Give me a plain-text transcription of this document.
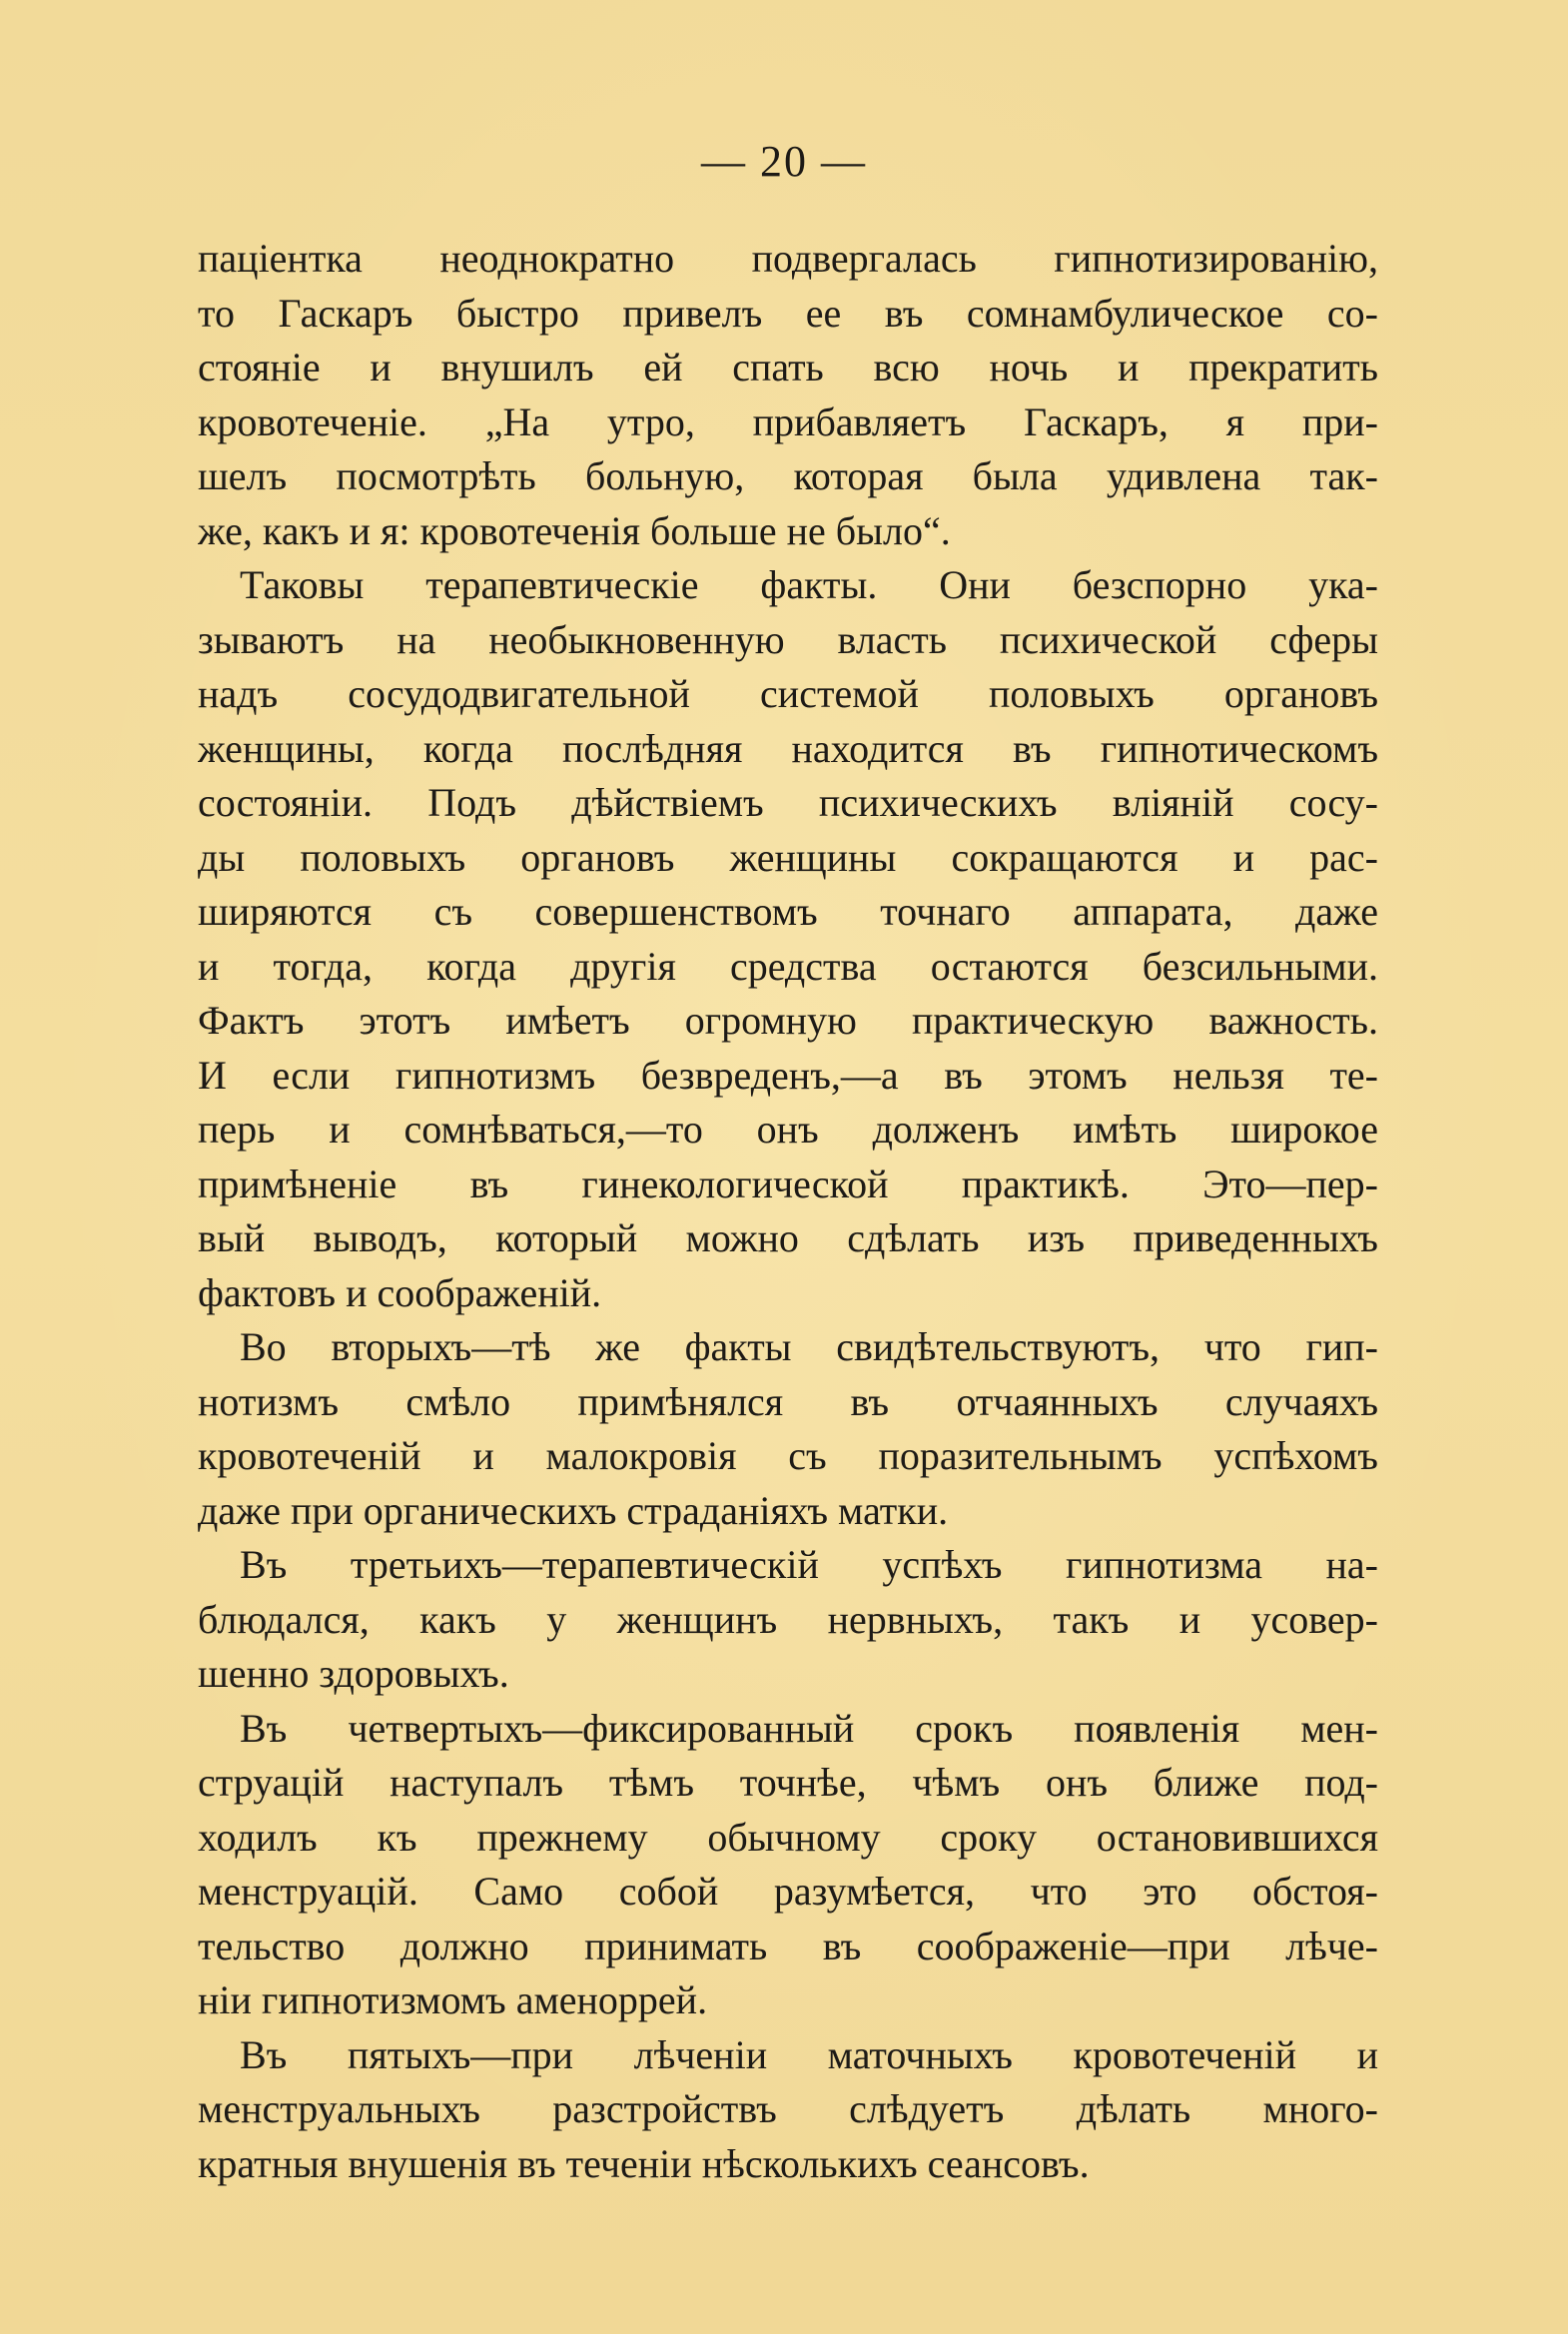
— 20 —
паціентка неоднократно подвергалась гипнотизированію,
то Гаскаръ быстро привелъ ее въ сомнамбулическое со-
стояніе и внушилъ ей спать всю ночь и прекратить
кровотеченіе. „На утро, прибавляетъ Гаскаръ, я при-
шелъ посмотрѣть больную, которая была удивлена так-
же, какъ и я: кровотеченія больше не было“.
Таковы терапевтическіе факты. Они безспорно ука-
зываютъ на необыкновенную власть психической сферы
надъ сосудодвигательной системой половыхъ органовъ
женщины, когда послѣдняя находится въ гипнотическомъ
состояніи. Подъ дѣйствіемъ психическихъ вліяній сосу-
ды половыхъ органовъ женщины сокращаются и рас-
ширяются съ совершенствомъ точнаго аппарата, даже
и тогда, когда другія средства остаются безсильными.
Фактъ этотъ имѣетъ огромную практическую важность.
И если гипнотизмъ безвреденъ,—а въ этомъ нельзя те-
перь и сомнѣваться,—то онъ долженъ имѣть широкое
примѣненіе въ гинекологической практикѣ. Это—пер-
вый выводъ, который можно сдѣлать изъ приведенныхъ
фактовъ и соображеній.
Во вторыхъ—тѣ же факты свидѣтельствуютъ, что гип-
нотизмъ смѣло примѣнялся въ отчаянныхъ случаяхъ
кровотеченій и малокровія съ поразительнымъ успѣхомъ
даже при органическихъ страданіяхъ матки.
Въ третьихъ—терапевтическій успѣхъ гипнотизма на-
блюдался, какъ у женщинъ нервныхъ, такъ и усовер-
шенно здоровыхъ.
Въ четвертыхъ—фиксированный срокъ появленія мен-
струацій наступалъ тѣмъ точнѣе, чѣмъ онъ ближе под-
ходилъ къ прежнему обычному сроку остановившихся
менструацій. Само собой разумѣется, что это обстоя-
тельство должно принимать въ соображеніе—при лѣче-
ніи гипнотизмомъ аменоррей.
Въ пятыхъ—при лѣченіи маточныхъ кровотеченій и
менструальныхъ разстройствъ слѣдуетъ дѣлать много-
кратныя внушенія въ теченіи нѣсколькихъ сеансовъ.
